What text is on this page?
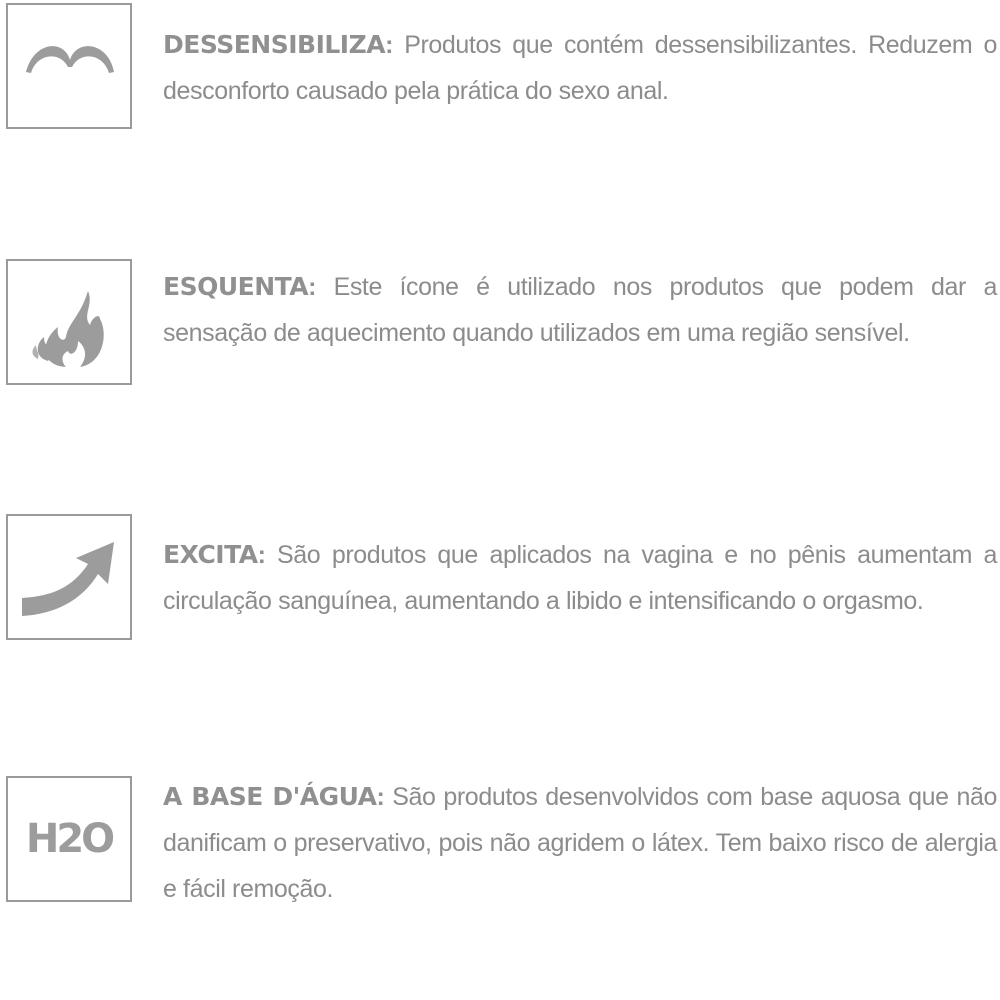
DESSENSIBILIZA: Produtos que contém dessensibilizantes. Reduzem o desconforto causado pela prática do sexo anal.

ESQUENTA: Este ícone é utilizado nos produtos que podem dar a sensação de aquecimento quando utilizados em uma região sensível.

EXCITA: São produtos que aplicados na vagina e no pênis aumentam a circulação sanguínea, aumentando a libido e intensificando o orgasmo.

H2O

A BASE D'ÁGUA: São produtos desenvolvidos com base aquosa que não danificam o preservativo, pois não agridem o látex. Tem baixo risco de alergia e fácil remoção.
